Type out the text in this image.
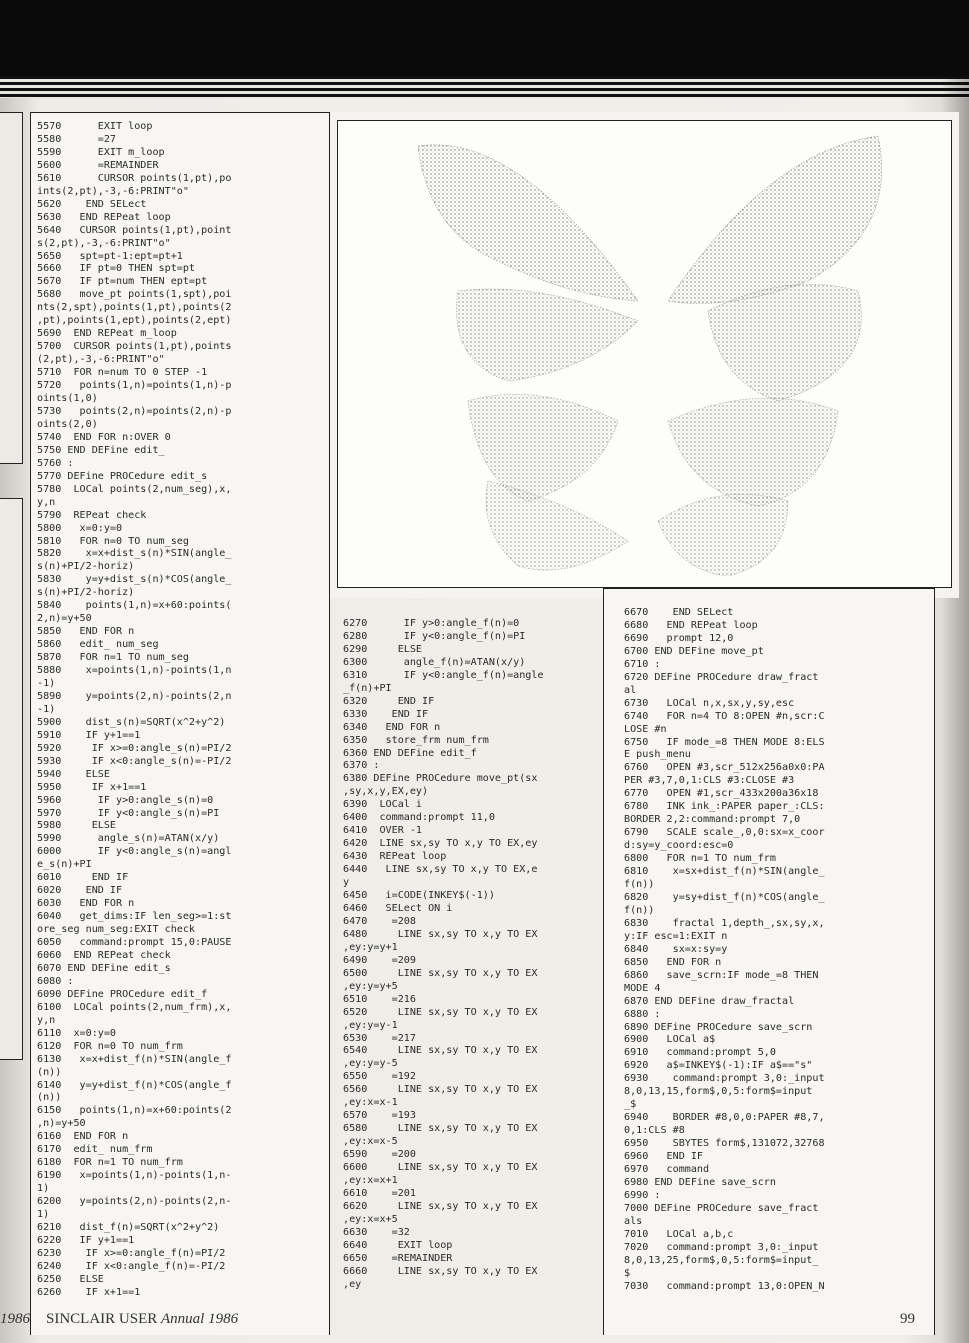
5570      EXIT loop
5580      =27
5590      EXIT m_loop
5600      =REMAINDER
5610      CURSOR points(1,pt),po
ints(2,pt),-3,-6:PRINT"o"
5620    END SELect
5630   END REPeat loop
5640   CURSOR points(1,pt),point
s(2,pt),-3,-6:PRINT"o"
5650   spt=pt-1:ept=pt+1
5660   IF pt=0 THEN spt=pt
5670   IF pt=num THEN ept=pt
5680   move_pt points(1,spt),poi
nts(2,spt),points(1,pt),points(2
,pt),points(1,ept),points(2,ept)
5690  END REPeat m_loop
5700  CURSOR points(1,pt),points
(2,pt),-3,-6:PRINT"o"
5710  FOR n=num TO 0 STEP -1
5720   points(1,n)=points(1,n)-p
oints(1,0)
5730   points(2,n)=points(2,n)-p
oints(2,0)
5740  END FOR n:OVER 0
5750 END DEFine edit_
5760 :
5770 DEFine PROCedure edit_s
5780  LOCal points(2,num_seg),x,
y,n
5790  REPeat check
5800   x=0:y=0
5810   FOR n=0 TO num_seg
5820    x=x+dist_s(n)*SIN(angle_
s(n)+PI/2-horiz)
5830    y=y+dist_s(n)*COS(angle_
s(n)+PI/2-horiz)
5840    points(1,n)=x+60:points(
2,n)=y+50
5850   END FOR n
5860   edit_ num_seg
5870   FOR n=1 TO num_seg
5880    x=points(1,n)-points(1,n
-1)
5890    y=points(2,n)-points(2,n
-1)
5900    dist_s(n)=SQRT(x^2+y^2)
5910    IF y+1==1
5920     IF x>=0:angle_s(n)=PI/2
5930     IF x<0:angle_s(n)=-PI/2
5940    ELSE
5950     IF x+1==1
5960      IF y>0:angle_s(n)=0
5970      IF y<0:angle_s(n)=PI
5980     ELSE
5990      angle_s(n)=ATAN(x/y)
6000      IF y<0:angle_s(n)=angl
e_s(n)+PI
6010     END IF
6020    END IF
6030   END FOR n
6040   get_dims:IF len_seg>=1:st
ore_seg num_seg:EXIT check
6050   command:prompt 15,0:PAUSE
6060  END REPeat check
6070 END DEFine edit_s
6080 :
6090 DEFine PROCedure edit_f
6100  LOCal points(2,num_frm),x,
y,n
6110  x=0:y=0
6120  FOR n=0 TO num_frm
6130   x=x+dist_f(n)*SIN(angle_f
(n))
6140   y=y+dist_f(n)*COS(angle_f
(n))
6150   points(1,n)=x+60:points(2
,n)=y+50
6160  END FOR n
6170  edit_ num_frm
6180  FOR n=1 TO num_frm
6190   x=points(1,n)-points(1,n-
1)
6200   y=points(2,n)-points(2,n-
1)
6210   dist_f(n)=SQRT(x^2+y^2)
6220   IF y+1==1
6230    IF x>=0:angle_f(n)=PI/2
6240    IF x<0:angle_f(n)=-PI/2
6250   ELSE
6260    IF x+1==1
6270      IF y>0:angle_f(n)=0
6280      IF y<0:angle_f(n)=PI
6290     ELSE
6300      angle_f(n)=ATAN(x/y)
6310      IF y<0:angle_f(n)=angle
_f(n)+PI
6320     END IF
6330    END IF
6340   END FOR n
6350   store_frm num_frm
6360 END DEFine edit_f
6370 :
6380 DEFine PROCedure move_pt(sx
,sy,x,y,EX,ey)
6390  LOCal i
6400  command:prompt 11,0
6410  OVER -1
6420  LINE sx,sy TO x,y TO EX,ey
6430  REPeat loop
6440   LINE sx,sy TO x,y TO EX,e
y
6450   i=CODE(INKEY$(-1))
6460   SELect ON i
6470    =208
6480     LINE sx,sy TO x,y TO EX
,ey:y=y+1
6490    =209
6500     LINE sx,sy TO x,y TO EX
,ey:y=y+5
6510    =216
6520     LINE sx,sy TO x,y TO EX
,ey:y=y-1
6530    =217
6540     LINE sx,sy TO x,y TO EX
,ey:y=y-5
6550    =192
6560     LINE sx,sy TO x,y TO EX
,ey:x=x-1
6570    =193
6580     LINE sx,sy TO x,y TO EX
,ey:x=x-5
6590    =200
6600     LINE sx,sy TO x,y TO EX
,ey:x=x+1
6610    =201
6620     LINE sx,sy TO x,y TO EX
,ey:x=x+5
6630    =32
6640     EXIT loop
6650    =REMAINDER
6660     LINE sx,sy TO x,y TO EX
,ey
6670    END SELect
6680   END REPeat loop
6690   prompt 12,0
6700 END DEFine move_pt
6710 :
6720 DEFine PROCedure draw_fract
al
6730   LOCal n,x,sx,y,sy,esc
6740   FOR n=4 TO 8:OPEN #n,scr:C
LOSE #n
6750   IF mode_=8 THEN MODE 8:ELS
E push_menu
6760   OPEN #3,scr_512x256a0x0:PA
PER #3,7,0,1:CLS #3:CLOSE #3
6770   OPEN #1,scr_433x200a36x18
6780   INK ink_:PAPER paper_:CLS:
BORDER 2,2:command:prompt 7,0
6790   SCALE scale_,0,0:sx=x_coor
d:sy=y_coord:esc=0
6800   FOR n=1 TO num_frm
6810    x=sx+dist_f(n)*SIN(angle_
f(n))
6820    y=sy+dist_f(n)*COS(angle_
f(n))
6830    fractal 1,depth_,sx,sy,x,
y:IF esc=1:EXIT n
6840    sx=x:sy=y
6850   END FOR n
6860   save_scrn:IF mode_=8 THEN
MODE 4
6870 END DEFine draw_fractal
6880 :
6890 DEFine PROCedure save_scrn
6900   LOCal a$
6910   command:prompt 5,0
6920   a$=INKEY$(-1):IF a$=="s"
6930    command:prompt 3,0:_input
8,0,13,15,form$,0,5:form$=input
_$
6940    BORDER #8,0,0:PAPER #8,7,
0,1:CLS #8
6950    SBYTES form$,131072,32768
6960   END IF
6970   command
6980 END DEFine save_scrn
6990 :
7000 DEFine PROCedure save_fract
als
7010   LOCal a,b,c
7020   command:prompt 3,0:_input
8,0,13,25,form$,0,5:form$=input_
$
7030   command:prompt 13,0:OPEN_N
1986 SINCLAIR USER Annual 1986	99
